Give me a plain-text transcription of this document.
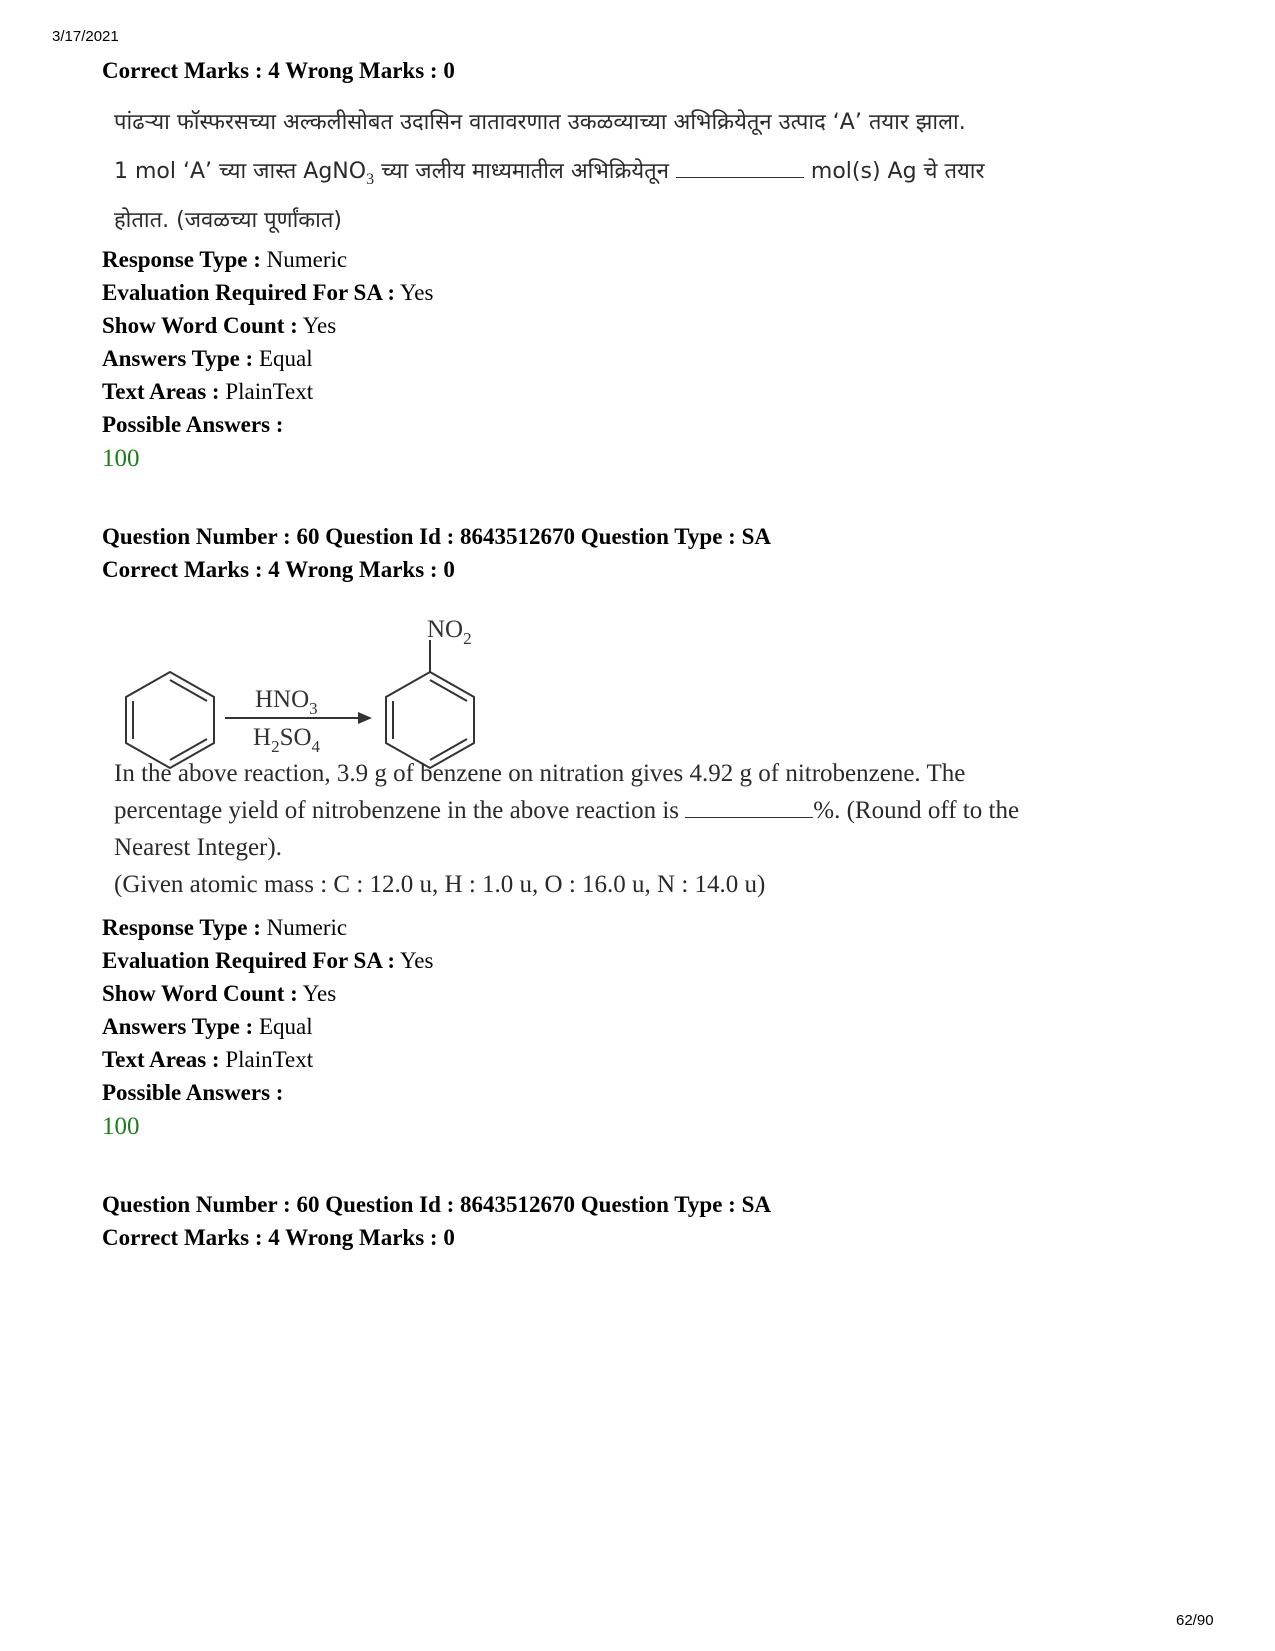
3/17/2021
Correct Marks : 4 Wrong Marks : 0
पांढऱ्या फॉस्फरसच्या अल्कलीसोबत उदासिन वातावरणात उकळव्याच्या अभिक्रियेतून उत्पाद ‘A’ तयार झाला.
1 mol ‘A’ च्या जास्त AgNO$_3$ च्या जलीय माध्यमातील अभिक्रियेतून	mol(s) Ag चे तयार
होतात. (जवळच्या पूर्णांकात)
Response Type : Numeric
Evaluation Required For SA : Yes
Show Word Count : Yes
Answers Type : Equal
Text Areas : PlainText
Possible Answers :
100
Question Number : 60 Question Id : 8643512670 Question Type : SA
Correct Marks : 4 Wrong Marks : 0
$HNO_3$
$H_2SO_4$
$NO_2$
In the above reaction, 3.9 g of benzene on nitration gives 4.92 g of nitrobenzene. The
percentage yield of nitrobenzene in the above reaction is	%. (Round off to the
Nearest Integer).
(Given atomic mass : C : 12.0 u, H : 1.0 u, O : 16.0 u, N : 14.0 u)
Response Type : Numeric
Evaluation Required For SA : Yes
Show Word Count : Yes
Answers Type : Equal
Text Areas : PlainText
Possible Answers :
100
Question Number : 60 Question Id : 8643512670 Question Type : SA
Correct Marks : 4 Wrong Marks : 0
62/90
